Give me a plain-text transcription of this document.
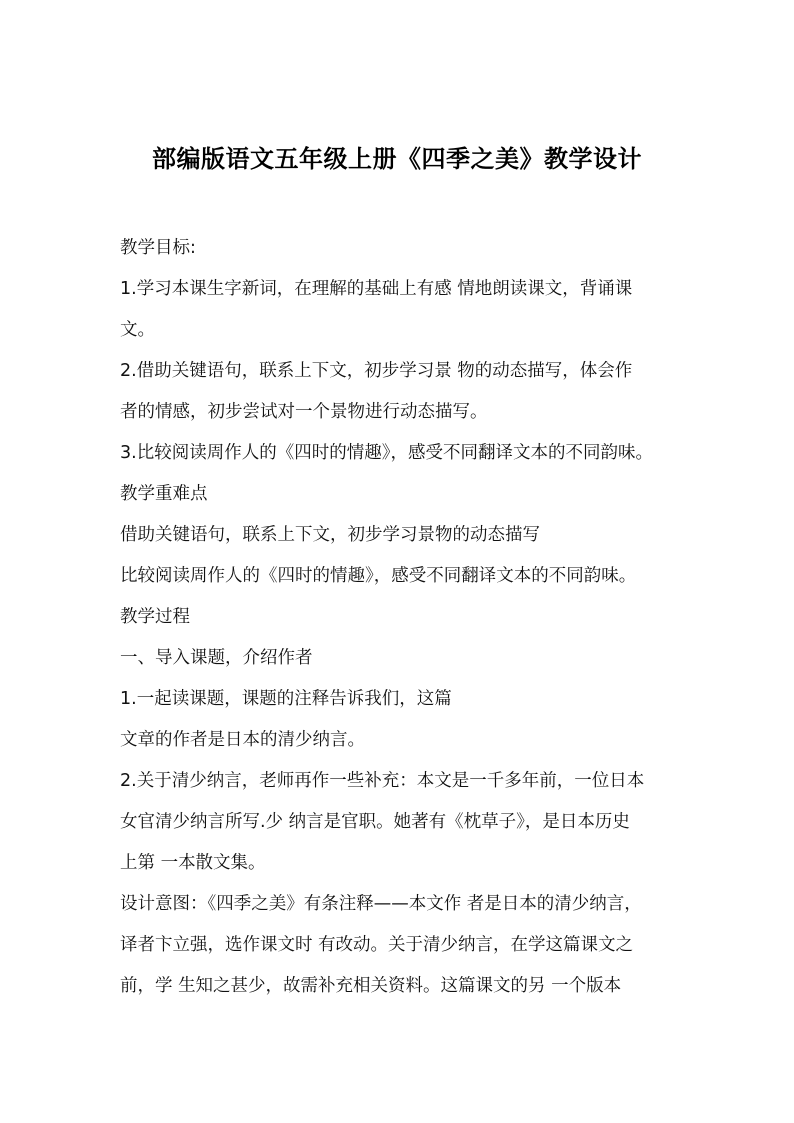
部编版语文五年级上册《四季之美》教学设计
教学目标:
1.学习本课生字新词，在理解的基础上有感 情地朗读课文，背诵课
文。
2.借助关键语句，联系上下文，初步学习景 物的动态描写，体会作
者的情感，初步尝试对一个景物进行动态描写。
3.比较阅读周作人的《四时的情趣》，感受不同翻译文本的不同韵味。
教学重难点
借助关键语句，联系上下文，初步学习景物的动态描写
比较阅读周作人的《四时的情趣》，感受不同翻译文本的不同韵味。
教学过程
一、导入课题，介绍作者
1.一起读课题，课题的注释告诉我们，这篇
文章的作者是日本的清少纳言。
2.关于清少纳言，老师再作一些补充：本文是一千多年前，一位日本
女官清少纳言所写.少 纳言是官职。她著有《枕草子》，是日本历史
上第 一本散文集。
设计意图：《四季之美》有条注释——本文作 者是日本的清少纳言，
译者卞立强，选作课文时 有改动。关于清少纳言，在学这篇课文之
前，学 生知之甚少，故需补充相关资料。这篇课文的另 一个版本
